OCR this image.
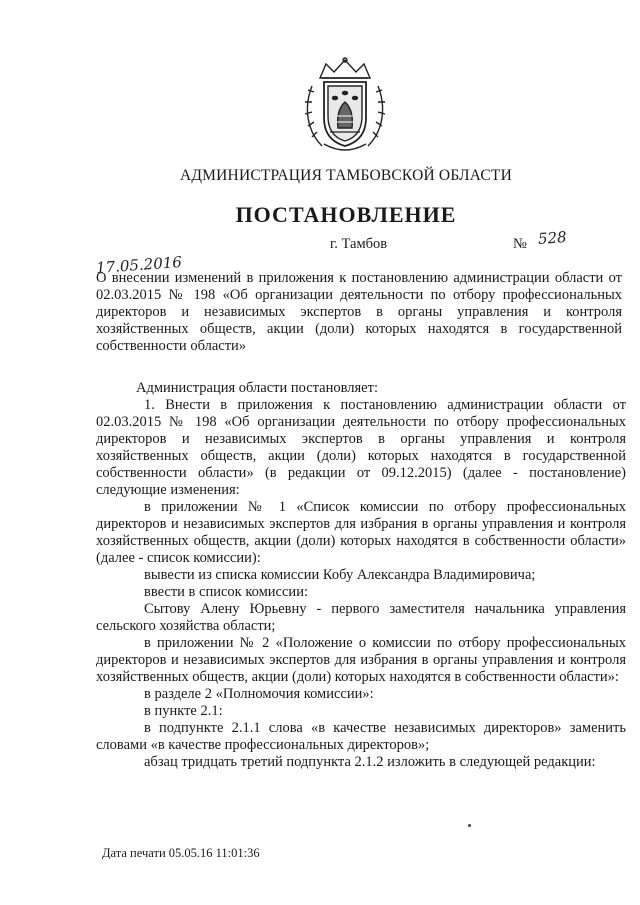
АДМИНИСТРАЦИЯ ТАМБОВСКОЙ ОБЛАСТИ
ПОСТАНОВЛЕНИЕ
17.05.2016
г. Тамбов	№ 528
О внесении изменений в приложения к постановлению администрации области от 02.03.2015 № 198 «Об организации деятельности по отбору профессиональных директоров и независимых экспертов в органы управления и контроля хозяйственных обществ, акции (доли) которых находятся в государственной собственности области»

Администрация области постановляет:

1. Внести в приложения к постановлению администрации области от 02.03.2015 № 198 «Об организации деятельности по отбору профессиональных директоров и независимых экспертов в органы управления и контроля хозяйственных обществ, акции (доли) которых находятся в государственной собственности области» (в редакции от 09.12.2015) (далее - постановление) следующие изменения:

в приложении № 1 «Список комиссии по отбору профессиональных директоров и независимых экспертов для избрания в органы управления и контроля хозяйственных обществ, акции (доли) которых находятся в собственности области» (далее - список комиссии):

вывести из списка комиссии Кобу Александра Владимировича;

ввести в список комиссии:

Сытову Алену Юрьевну - первого заместителя начальника управления сельского хозяйства области;

в приложении № 2 «Положение о комиссии по отбору профессиональных директоров и независимых экспертов для избрания в органы управления и контроля хозяйственных обществ, акции (доли) которых находятся в собственности области»:

в разделе 2 «Полномочия комиссии»:

в пункте 2.1:

в подпункте 2.1.1 слова «в качестве независимых директоров» заменить словами «в качестве профессиональных директоров»;

абзац тридцать третий подпункта 2.1.2 изложить в следующей редакции:

Дата печати 05.05.16 11:01:36
